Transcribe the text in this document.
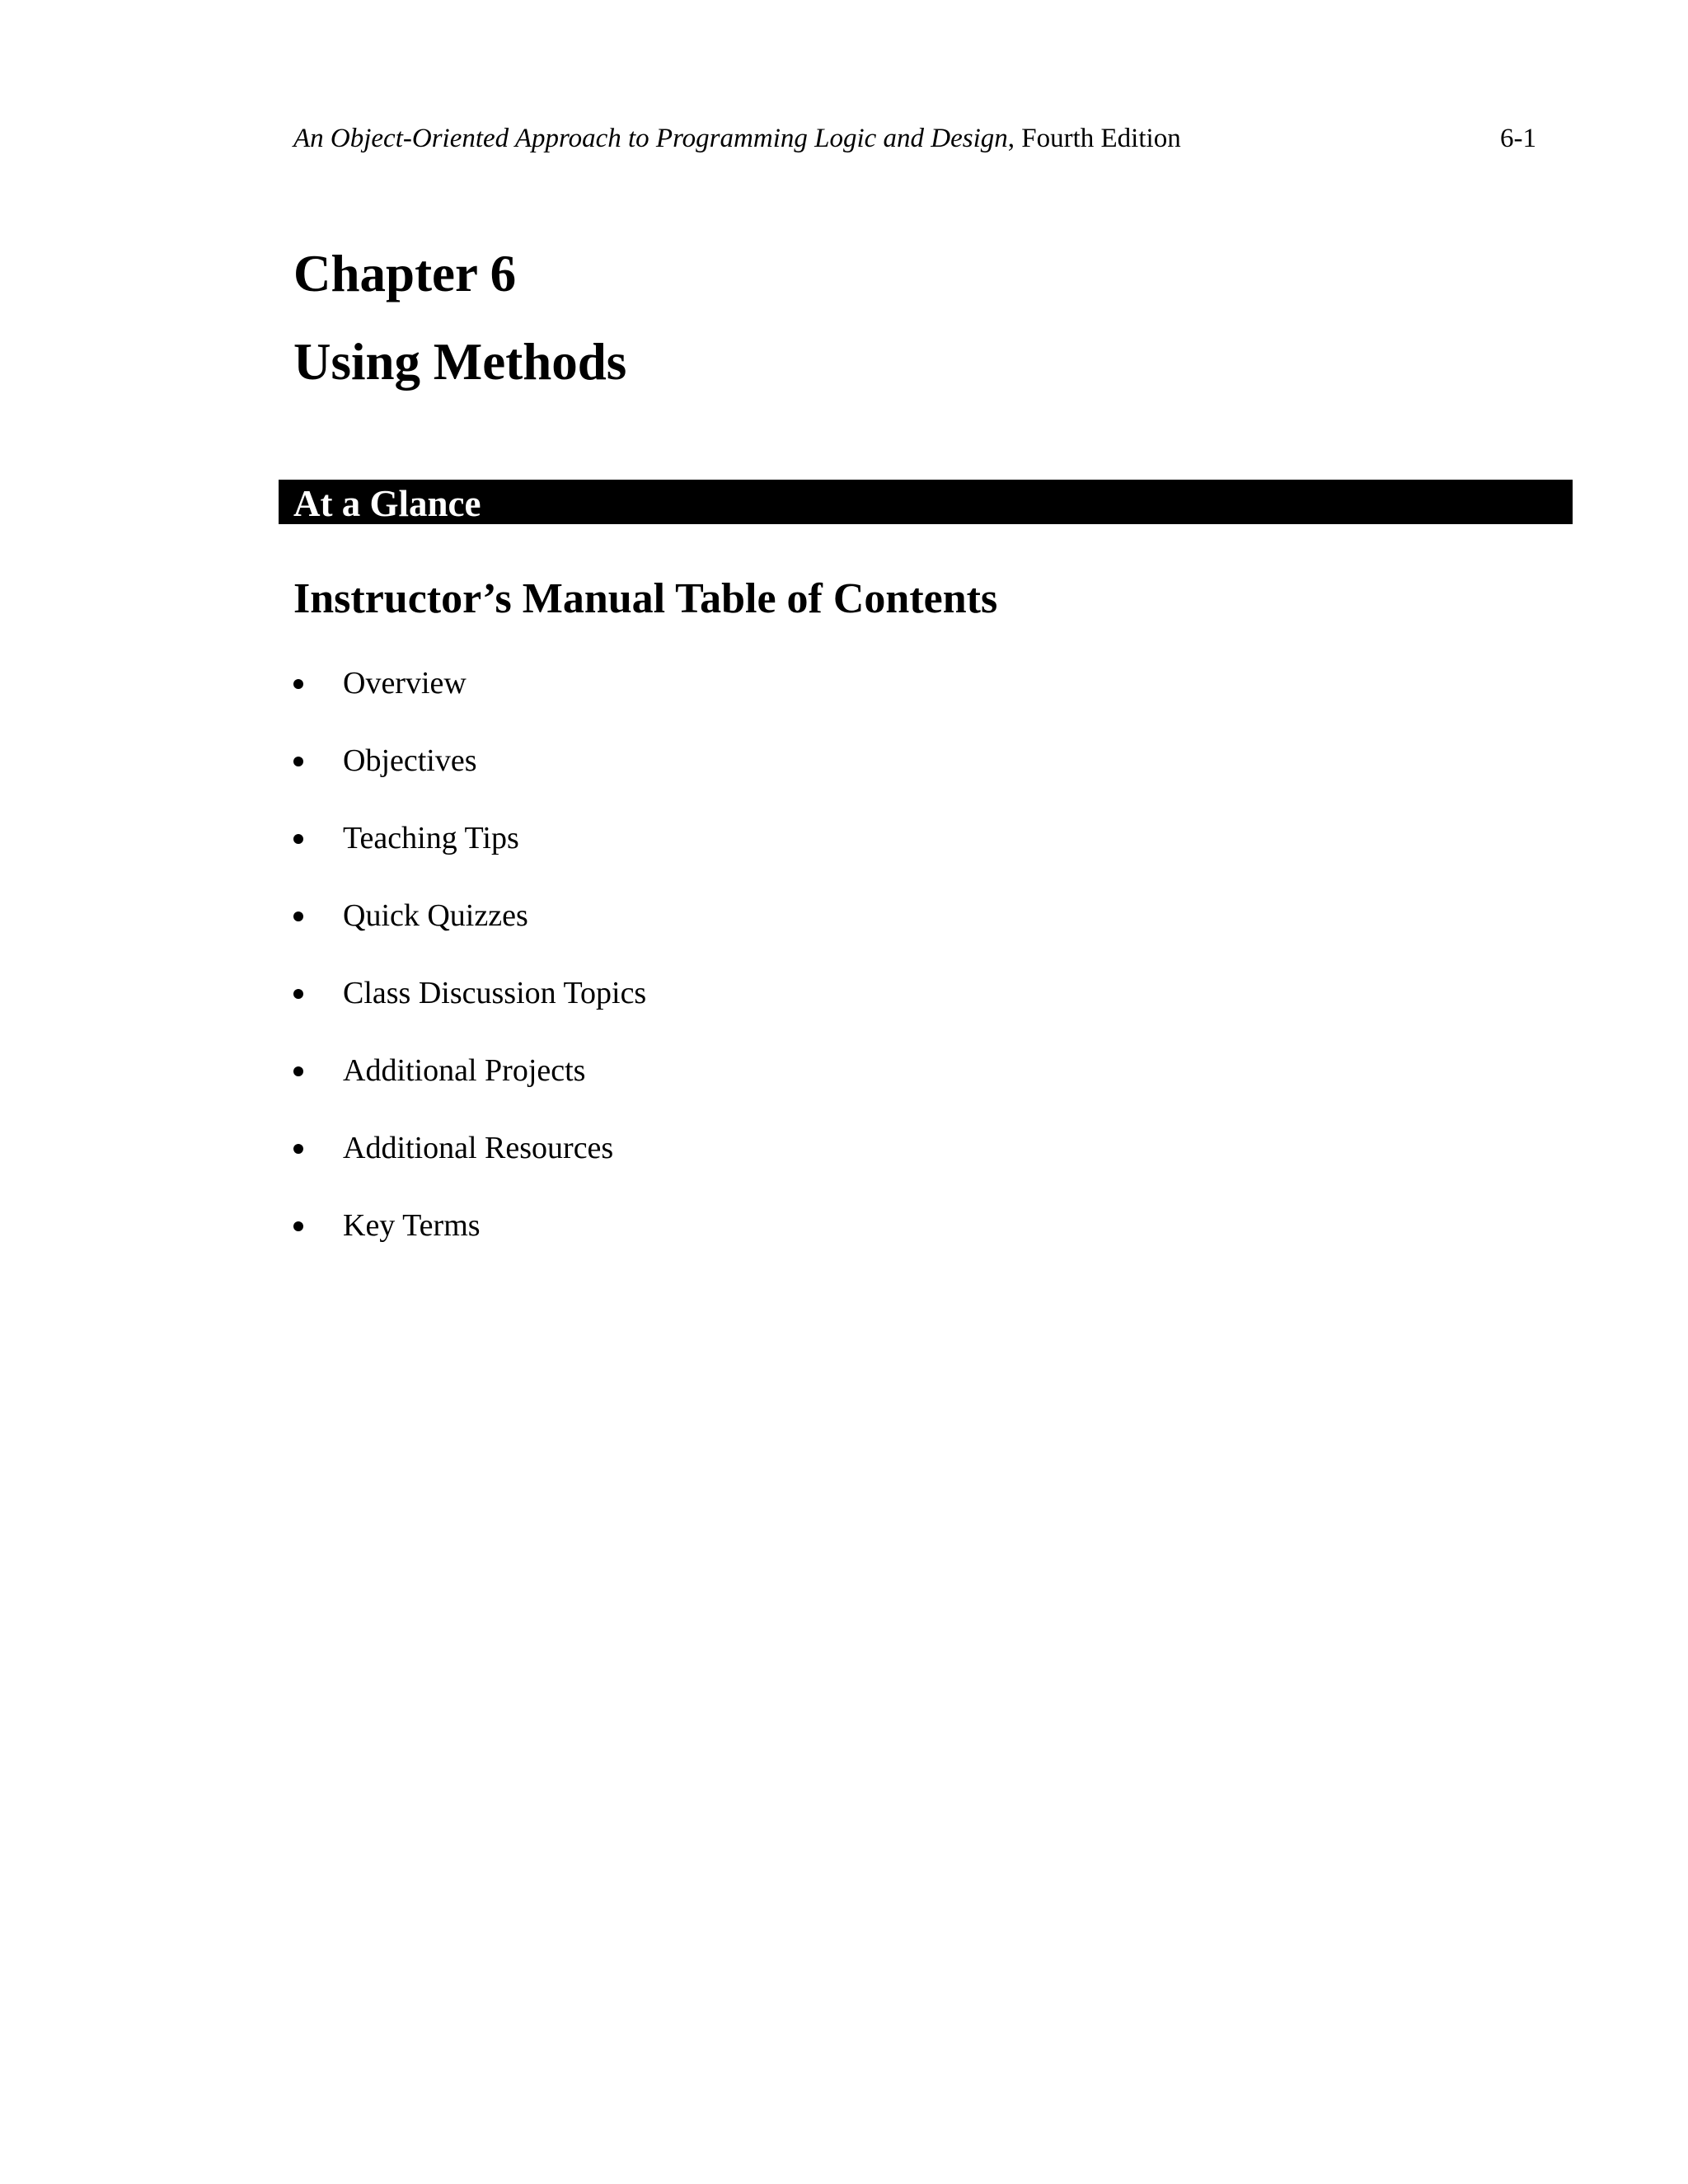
An Object-Oriented Approach to Programming Logic and Design, Fourth Edition	6-1
Chapter 6
Using Methods
At a Glance
Instructor’s Manual Table of Contents
Overview
Objectives
Teaching Tips
Quick Quizzes
Class Discussion Topics
Additional Projects
Additional Resources
Key Terms
